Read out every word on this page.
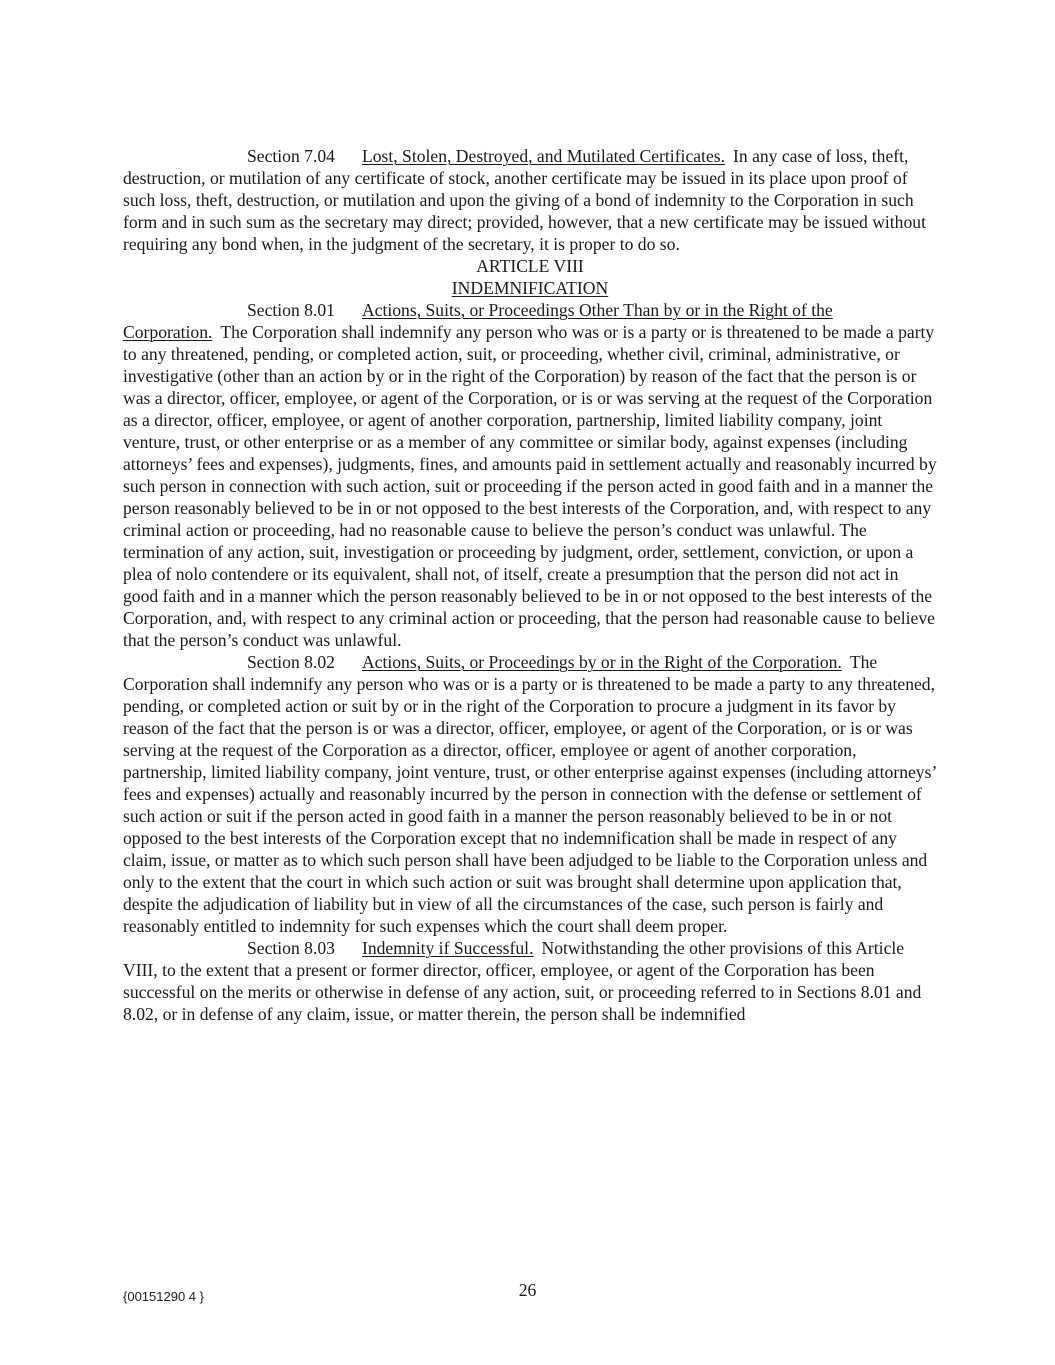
Section 7.04 Lost, Stolen, Destroyed, and Mutilated Certificates. In any case of loss, theft, destruction, or mutilation of any certificate of stock, another certificate may be issued in its place upon proof of such loss, theft, destruction, or mutilation and upon the giving of a bond of indemnity to the Corporation in such form and in such sum as the secretary may direct; provided, however, that a new certificate may be issued without requiring any bond when, in the judgment of the secretary, it is proper to do so.

ARTICLE VIII

INDEMNIFICATION

Section 8.01 Actions, Suits, or Proceedings Other Than by or in the Right of the Corporation. The Corporation shall indemnify any person who was or is a party or is threatened to be made a party to any threatened, pending, or completed action, suit, or proceeding, whether civil, criminal, administrative, or investigative (other than an action by or in the right of the Corporation) by reason of the fact that the person is or was a director, officer, employee, or agent of the Corporation, or is or was serving at the request of the Corporation as a director, officer, employee, or agent of another corporation, partnership, limited liability company, joint venture, trust, or other enterprise or as a member of any committee or similar body, against expenses (including attorneys’ fees and expenses), judgments, fines, and amounts paid in settlement actually and reasonably incurred by such person in connection with such action, suit or proceeding if the person acted in good faith and in a manner the person reasonably believed to be in or not opposed to the best interests of the Corporation, and, with respect to any criminal action or proceeding, had no reasonable cause to believe the person’s conduct was unlawful. The termination of any action, suit, investigation or proceeding by judgment, order, settlement, conviction, or upon a plea of nolo contendere or its equivalent, shall not, of itself, create a presumption that the person did not act in good faith and in a manner which the person reasonably believed to be in or not opposed to the best interests of the Corporation, and, with respect to any criminal action or proceeding, that the person had reasonable cause to believe that the person’s conduct was unlawful.

Section 8.02 Actions, Suits, or Proceedings by or in the Right of the Corporation. The Corporation shall indemnify any person who was or is a party or is threatened to be made a party to any threatened, pending, or completed action or suit by or in the right of the Corporation to procure a judgment in its favor by reason of the fact that the person is or was a director, officer, employee, or agent of the Corporation, or is or was serving at the request of the Corporation as a director, officer, employee or agent of another corporation, partnership, limited liability company, joint venture, trust, or other enterprise against expenses (including attorneys’ fees and expenses) actually and reasonably incurred by the person in connection with the defense or settlement of such action or suit if the person acted in good faith in a manner the person reasonably believed to be in or not opposed to the best interests of the Corporation except that no indemnification shall be made in respect of any claim, issue, or matter as to which such person shall have been adjudged to be liable to the Corporation unless and only to the extent that the court in which such action or suit was brought shall determine upon application that, despite the adjudication of liability but in view of all the circumstances of the case, such person is fairly and reasonably entitled to indemnity for such expenses which the court shall deem proper.

Section 8.03 Indemnity if Successful. Notwithstanding the other provisions of this Article VIII, to the extent that a present or former director, officer, employee, or agent of the Corporation has been successful on the merits or otherwise in defense of any action, suit, or proceeding referred to in Sections 8.01 and 8.02, or in defense of any claim, issue, or matter therein, the person shall be indemnified

{00151290 4 }	26
